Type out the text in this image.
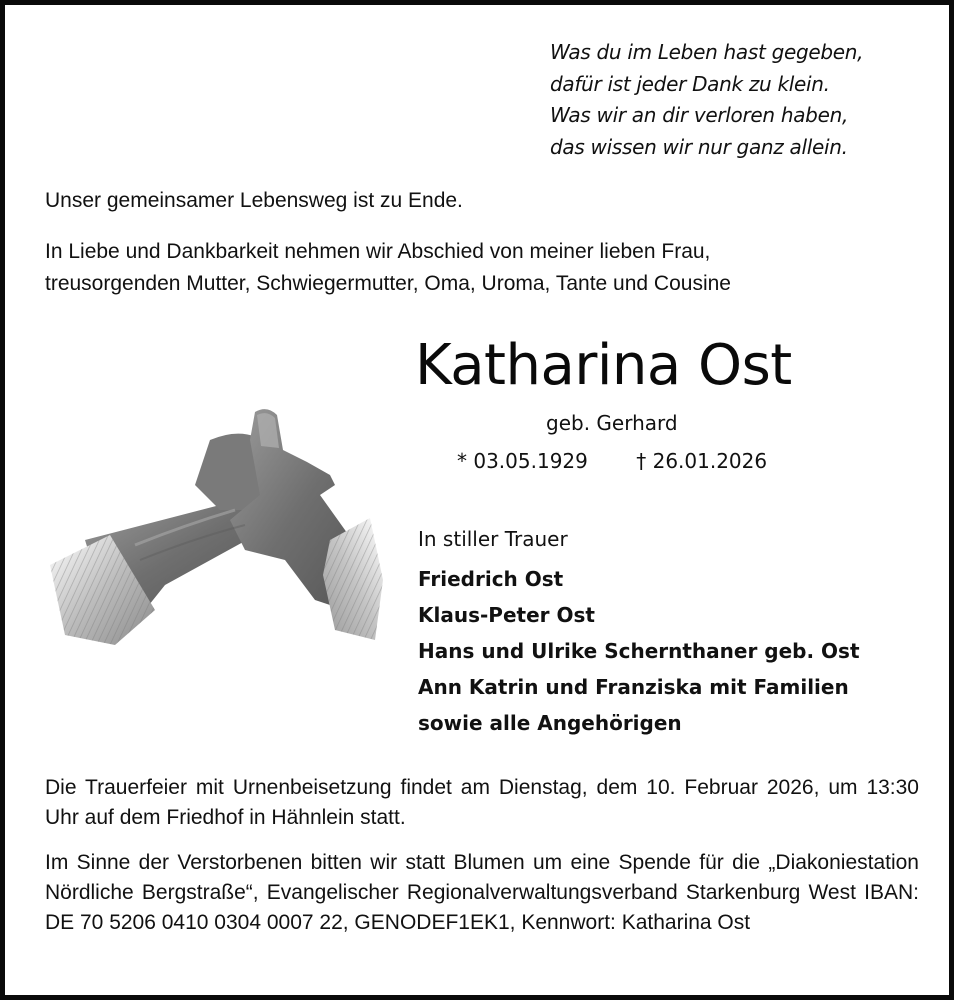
Was du im Leben hast gegeben,
dafür ist jeder Dank zu klein.
Was wir an dir verloren haben,
das wissen wir nur ganz allein.
Unser gemeinsamer Lebensweg ist zu Ende.
In Liebe und Dankbarkeit nehmen wir Abschied von meiner lieben Frau,
treusorgenden Mutter, Schwiegermutter, Oma, Uroma, Tante und Cousine
Katharina Ost
geb. Gerhard
* 03.05.1929 † 26.01.2026
In stiller Trauer
Friedrich Ost
Klaus-Peter Ost
Hans und Ulrike Schernthaner geb. Ost
Ann Katrin und Franziska mit Familien
sowie alle Angehörigen
Die Trauerfeier mit Urnenbeisetzung findet am Dienstag, dem 10. Februar 2026, um 13:30 Uhr auf dem Friedhof in Hähnlein statt.
Im Sinne der Verstorbenen bitten wir statt Blumen um eine Spende für die „Diakoniestation Nördliche Bergstraße“, Evangelischer Regionalverwaltungsverband Starkenburg West IBAN: DE 70 5206 0410 0304 0007 22, GENODEF1EK1, Kennwort: Katharina Ost
